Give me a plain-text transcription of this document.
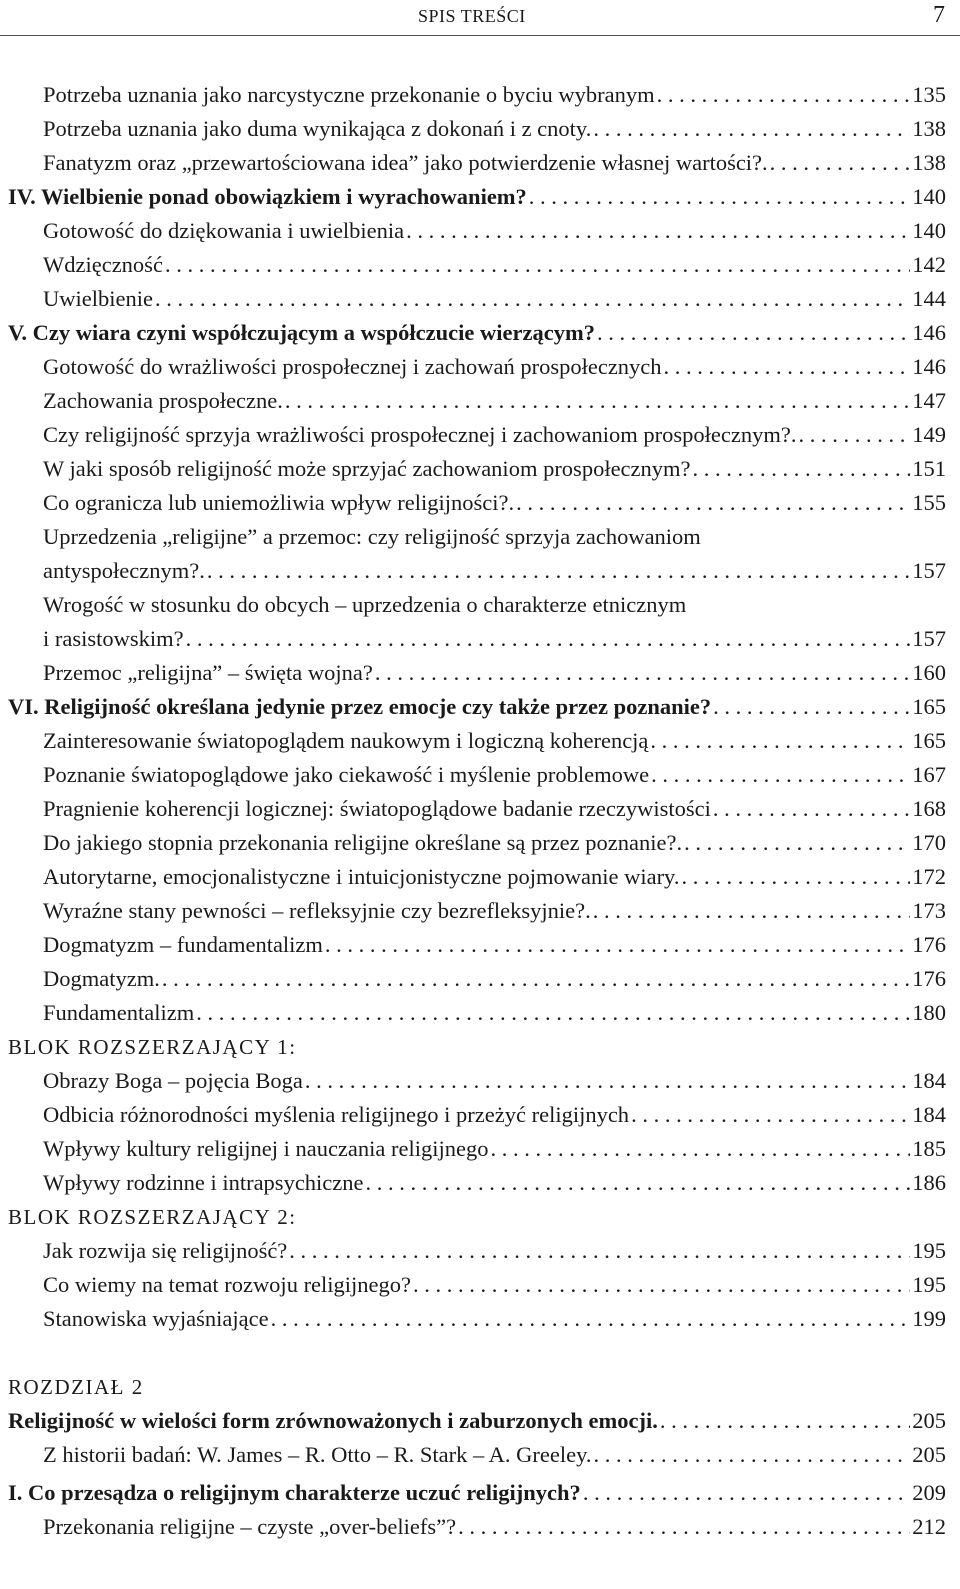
SPIS TREŚCI	7
Potrzeba uznania jako narcystyczne przekonanie o byciu wybranym . . .	135
Potrzeba uznania jako duma wynikająca z dokonań i z cnoty. . . .	138
Fanatyzm oraz „przewartościowana idea” jako potwierdzenie własnej wartości?. . . .	138
IV. Wielbienie ponad obowiązkiem i wyrachowaniem? . . .	140
Gotowość do dziękowania i uwielbienia . . .	140
Wdzięczność . . .	142
Uwielbienie . . .	144
V. Czy wiara czyni współczującym a współczucie wierzącym? . . .	146
Gotowość do wrażliwości prospołecznej i zachowań prospołecznych . . .	146
Zachowania prospołeczne. . . .	147
Czy religijność sprzyja wrażliwości prospołecznej i zachowaniom prospołecznym?. . . .	149
W jaki sposób religijność może sprzyjać zachowaniom prospołecznym? . . .	151
Co ogranicza lub uniemożliwia wpływ religijności?. . . .	155
Uprzedzenia „religijne” a przemoc: czy religijność sprzyja zachowaniom
antyspołecznym?. . . .	157
Wrogość w stosunku do obcych – uprzedzenia o charakterze etnicznym
i rasistowskim? . . .	157
Przemoc „religijna” – święta wojna? . . .	160
VI. Religijność określana jedynie przez emocje czy także przez poznanie? . . .	165
Zainteresowanie światopoglądem naukowym i logiczną koherencją . . .	165
Poznanie światopoglądowe jako ciekawość i myślenie problemowe . . .	167
Pragnienie koherencji logicznej: światopoglądowe badanie rzeczywistości . . .	168
Do jakiego stopnia przekonania religijne określane są przez poznanie?. . . .	170
Autorytarne, emocjonalistyczne i intuicjonistyczne pojmowanie wiary. . . .	172
Wyraźne stany pewności – refleksyjnie czy bezrefleksyjnie?. . . .	173
Dogmatyzm – fundamentalizm . . .	176
Dogmatyzm. . . .	176
Fundamentalizm . . .	180
BLOK ROZSZERZAJĄCY 1:
Obrazy Boga – pojęcia Boga . . .	184
Odbicia różnorodności myślenia religijnego i przeżyć religijnych . . .	184
Wpływy kultury religijnej i nauczania religijnego . . .	185
Wpływy rodzinne i intrapsychiczne . . .	186
BLOK ROZSZERZAJĄCY 2:
Jak rozwija się religijność? . . .	195
Co wiemy na temat rozwoju religijnego? . . .	195
Stanowiska wyjaśniające . . .	199
ROZDZIAŁ 2
Religijność w wielości form zrównoważonych i zaburzonych emocji. . . .	205
Z historii badań: W. James – R. Otto – R. Stark – A. Greeley. . . .	205
I. Co przesądza o religijnym charakterze uczuć religijnych? . . .	209
Przekonania religijne – czyste „over-beliefs”? . . .	212
